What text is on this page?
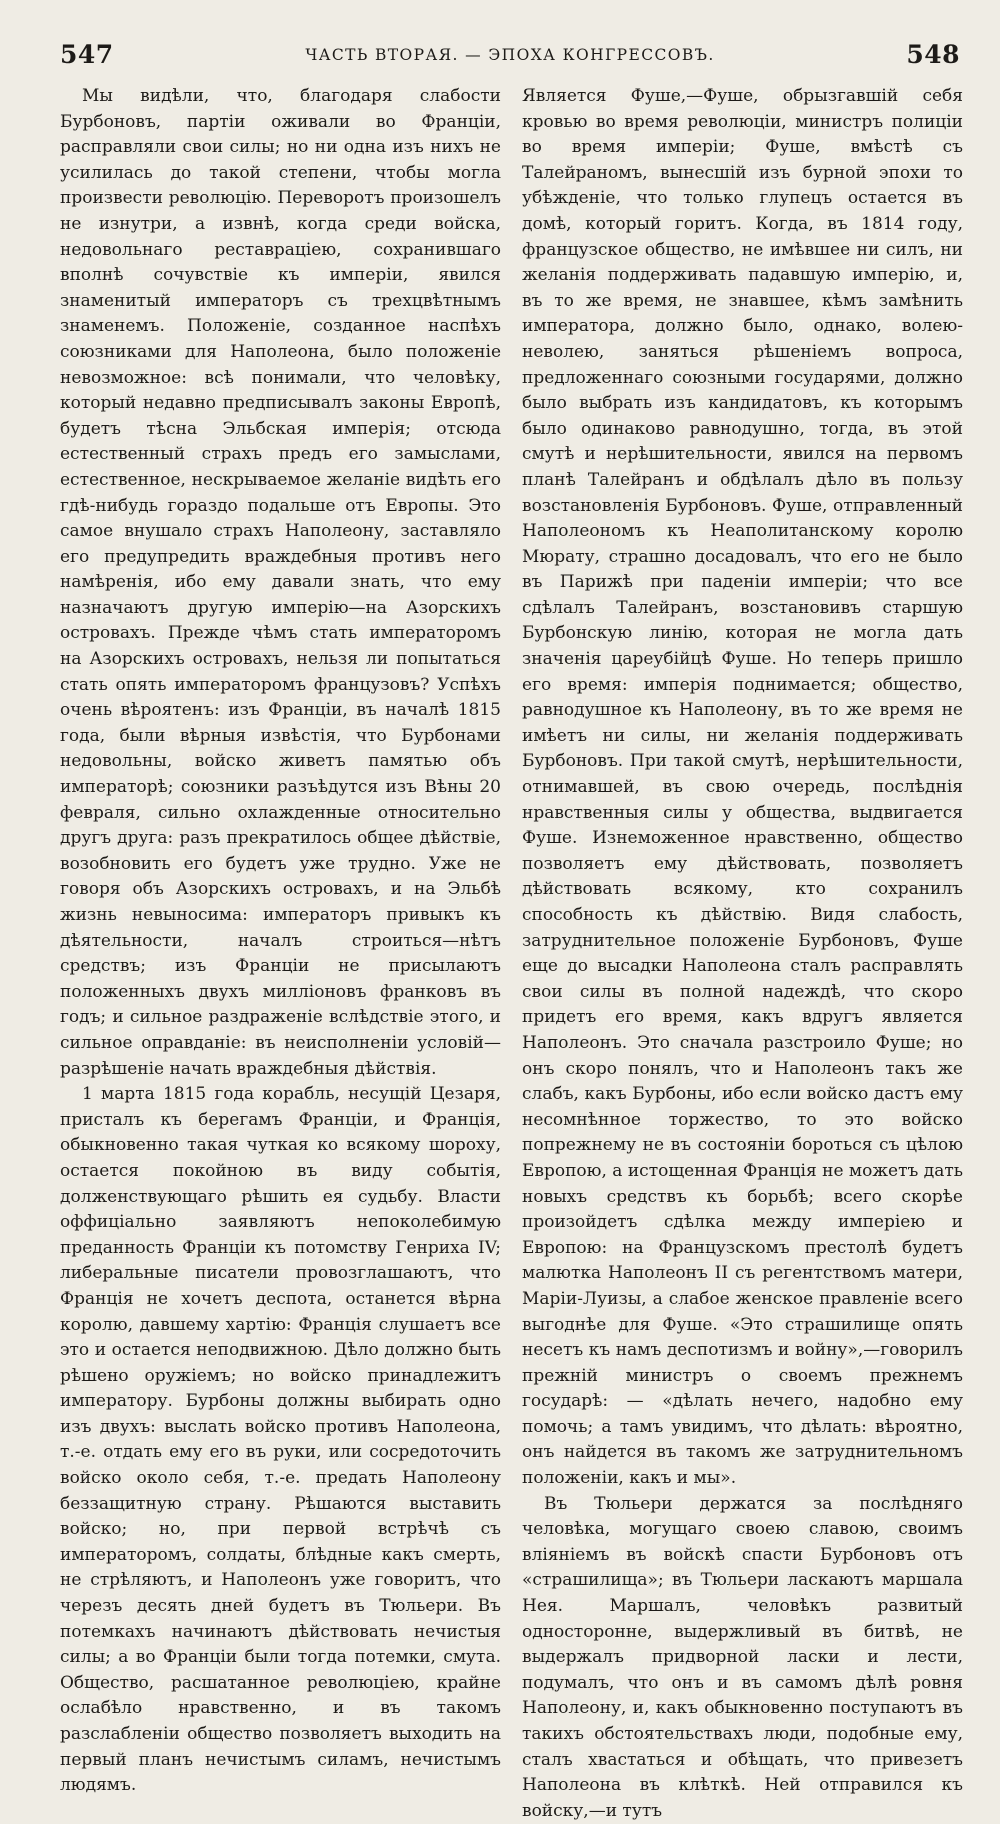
547	ЧАСТЬ ВТОРАЯ. — ЭПОХА КОНГРЕССОВЪ.	548

Мы видѣли, что, благодаря слабости Бурбоновъ, партіи оживали во Франціи, расправляли свои силы; но ни одна изъ нихъ не усилилась до такой степени, чтобы могла произвести революцію. Переворотъ произошелъ не изнутри, а извнѣ, когда среди войска, недовольнаго реставраціею, сохранившаго вполнѣ сочувствіе къ имперіи, явился знаменитый императоръ съ трехцвѣтнымъ знаменемъ. Положеніе, созданное наспѣхъ союзниками для Наполеона, было положеніе невозможное: всѣ понимали, что человѣку, который недавно предписывалъ законы Европѣ, будетъ тѣсна Эльбская имперія; отсюда естественный страхъ предъ его замыслами, естественное, нескрываемое желаніе видѣть его гдѣ-нибудь гораздо подальше отъ Европы. Это самое внушало страхъ Наполеону, заставляло его предупредить враждебныя противъ него намѣренія, ибо ему давали знать, что ему назначаютъ другую имперію—на Азорскихъ островахъ. Прежде чѣмъ стать императоромъ на Азорскихъ островахъ, нельзя ли попытаться стать опять императоромъ французовъ? Успѣхъ очень вѣроятенъ: изъ Франціи, въ началѣ 1815 года, были вѣрныя извѣстія, что Бурбонами недовольны, войско живетъ памятью объ императорѣ; союзники разъѣдутся изъ Вѣны 20 февраля, сильно охлажденные относительно другъ друга: разъ прекратилось общее дѣйствіе, возобновить его будетъ уже трудно. Уже не говоря объ Азорскихъ островахъ, и на Эльбѣ жизнь невыносима: императоръ привыкъ къ дѣятельности, началъ строиться—нѣтъ средствъ; изъ Франціи не присылаютъ положенныхъ двухъ милліоновъ франковъ въ годъ; и сильное раздраженіе вслѣдствіе этого, и сильное оправданіе: въ неисполненіи условій—разрѣшеніе начать враждебныя дѣйствія.

1 марта 1815 года корабль, несущій Цезаря, присталъ къ берегамъ Франціи, и Франція, обыкновенно такая чуткая ко всякому шороху, остается покойною въ виду событія, долженствующаго рѣшить ея судьбу. Власти оффиціально заявляютъ непоколебимую преданность Франціи къ потомству Генриха IV; либеральные писатели провозглашаютъ, что Франція не хочетъ деспота, останется вѣрна королю, давшему хартію: Франція слушаетъ все это и остается неподвижною. Дѣло должно быть рѣшено оружіемъ; но войско принадлежитъ императору. Бурбоны должны выбирать одно изъ двухъ: выслать войско противъ Наполеона, т.-е. отдать ему его въ руки, или сосредоточить войско около себя, т.-е. предать Наполеону беззащитную страну. Рѣшаются выставить войско; но, при первой встрѣчѣ съ императоромъ, солдаты, блѣдные какъ смерть, не стрѣляютъ, и Наполеонъ уже говоритъ, что черезъ десять дней будетъ въ Тюльери. Въ потемкахъ начинаютъ дѣйствовать нечистыя силы; а во Франціи были тогда потемки, смута. Общество, расшатанное революціею, крайне ослабѣло нравственно, и въ такомъ разслабленіи общество позволяетъ выходить на первый планъ нечистымъ силамъ, нечистымъ людямъ.

Является Фуше,—Фуше, обрызгавшій себя кровью во время революціи, министръ полиціи во время имперіи; Фуше, вмѣстѣ съ Талейраномъ, вынесшій изъ бурной эпохи то убѣжденіе, что только глупецъ остается въ домѣ, который горитъ. Когда, въ 1814 году, французское общество, не имѣвшее ни силъ, ни желанія поддерживать падавшую имперію, и, въ то же время, не знавшее, кѣмъ замѣнить императора, должно было, однако, волею-неволею, заняться рѣшеніемъ вопроса, предложеннаго союзными государями, должно было выбрать изъ кандидатовъ, къ которымъ было одинаково равнодушно, тогда, въ этой смутѣ и нерѣшительности, явился на первомъ планѣ Талейранъ и обдѣлалъ дѣло въ пользу возстановленія Бурбоновъ. Фуше, отправленный Наполеономъ къ Неаполитанскому королю Мюрату, страшно досадовалъ, что его не было въ Парижѣ при паденіи имперіи; что все сдѣлалъ Талейранъ, возстановивъ старшую Бурбонскую линію, которая не могла дать значенія цареубійцѣ Фуше. Но теперь пришло его время: имперія поднимается; общество, равнодушное къ Наполеону, въ то же время не имѣетъ ни силы, ни желанія поддерживать Бурбоновъ. При такой смутѣ, нерѣшительности, отнимавшей, въ свою очередь, послѣднія нравственныя силы у общества, выдвигается Фуше. Изнеможенное нравственно, общество позволяетъ ему дѣйствовать, позволяетъ дѣйствовать всякому, кто сохранилъ способность къ дѣйствію. Видя слабость, затруднительное положеніе Бурбоновъ, Фуше еще до высадки Наполеона сталъ расправлять свои силы въ полной надеждѣ, что скоро придетъ его время, какъ вдругъ является Наполеонъ. Это сначала разстроило Фуше; но онъ скоро понялъ, что и Наполеонъ такъ же слабъ, какъ Бурбоны, ибо если войско дастъ ему несомнѣнное торжество, то это войско попрежнему не въ состояніи бороться съ цѣлою Европою, а истощенная Франція не можетъ дать новыхъ средствъ къ борьбѣ; всего скорѣе произойдетъ сдѣлка между имперіею и Европою: на Французскомъ престолѣ будетъ малютка Наполеонъ II съ регентствомъ матери, Маріи-Луизы, а слабое женское правленіе всего выгоднѣе для Фуше. «Это страшилище опять несетъ къ намъ деспотизмъ и войну»,—говорилъ прежній министръ о своемъ прежнемъ государѣ: — «дѣлать нечего, надобно ему помочь; а тамъ увидимъ, что дѣлать: вѣроятно, онъ найдется въ такомъ же затруднительномъ положеніи, какъ и мы».

Въ Тюльери держатся за послѣдняго человѣка, могущаго своею славою, своимъ вліяніемъ въ войскѣ спасти Бурбоновъ отъ «страшилища»; въ Тюльери ласкаютъ маршала Нея. Маршалъ, человѣкъ развитый односторонне, выдержливый въ битвѣ, не выдержалъ придворной ласки и лести, подумалъ, что онъ и въ самомъ дѣлѣ ровня Наполеону, и, какъ обыкновенно поступаютъ въ такихъ обстоятельствахъ люди, подобные ему, сталъ хвастаться и обѣщать, что привезетъ Наполеона въ клѣткѣ. Ней отправился къ войску,—и тутъ
